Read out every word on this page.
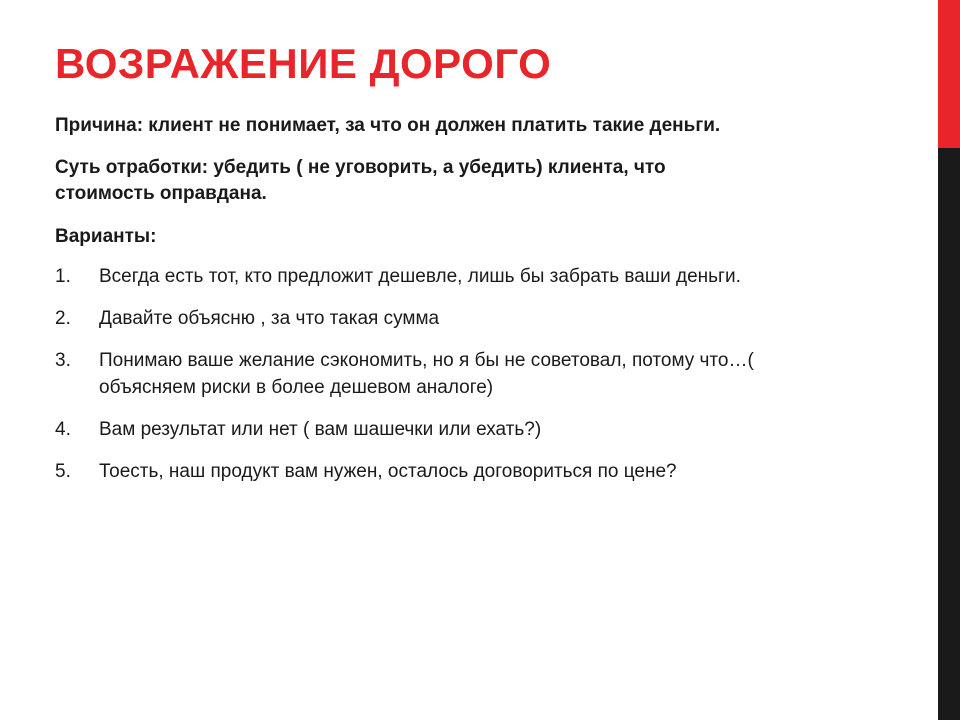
ВОЗРАЖЕНИЕ ДОРОГО

Причина: клиент не понимает, за что он должен платить такие деньги.

Суть отработки: убедить ( не уговорить, а убедить) клиента, что стоимость оправдана.

Варианты:

Всегда есть тот, кто предложит дешевле, лишь бы забрать ваши деньги.
Давайте объясню , за что такая сумма
Понимаю ваше желание сэкономить, но я бы не советовал, потому что…( объясняем риски в более дешевом аналоге)
Вам результат или нет ( вам шашечки или ехать?)
Тоесть, наш продукт вам нужен, осталось договориться по цене?
